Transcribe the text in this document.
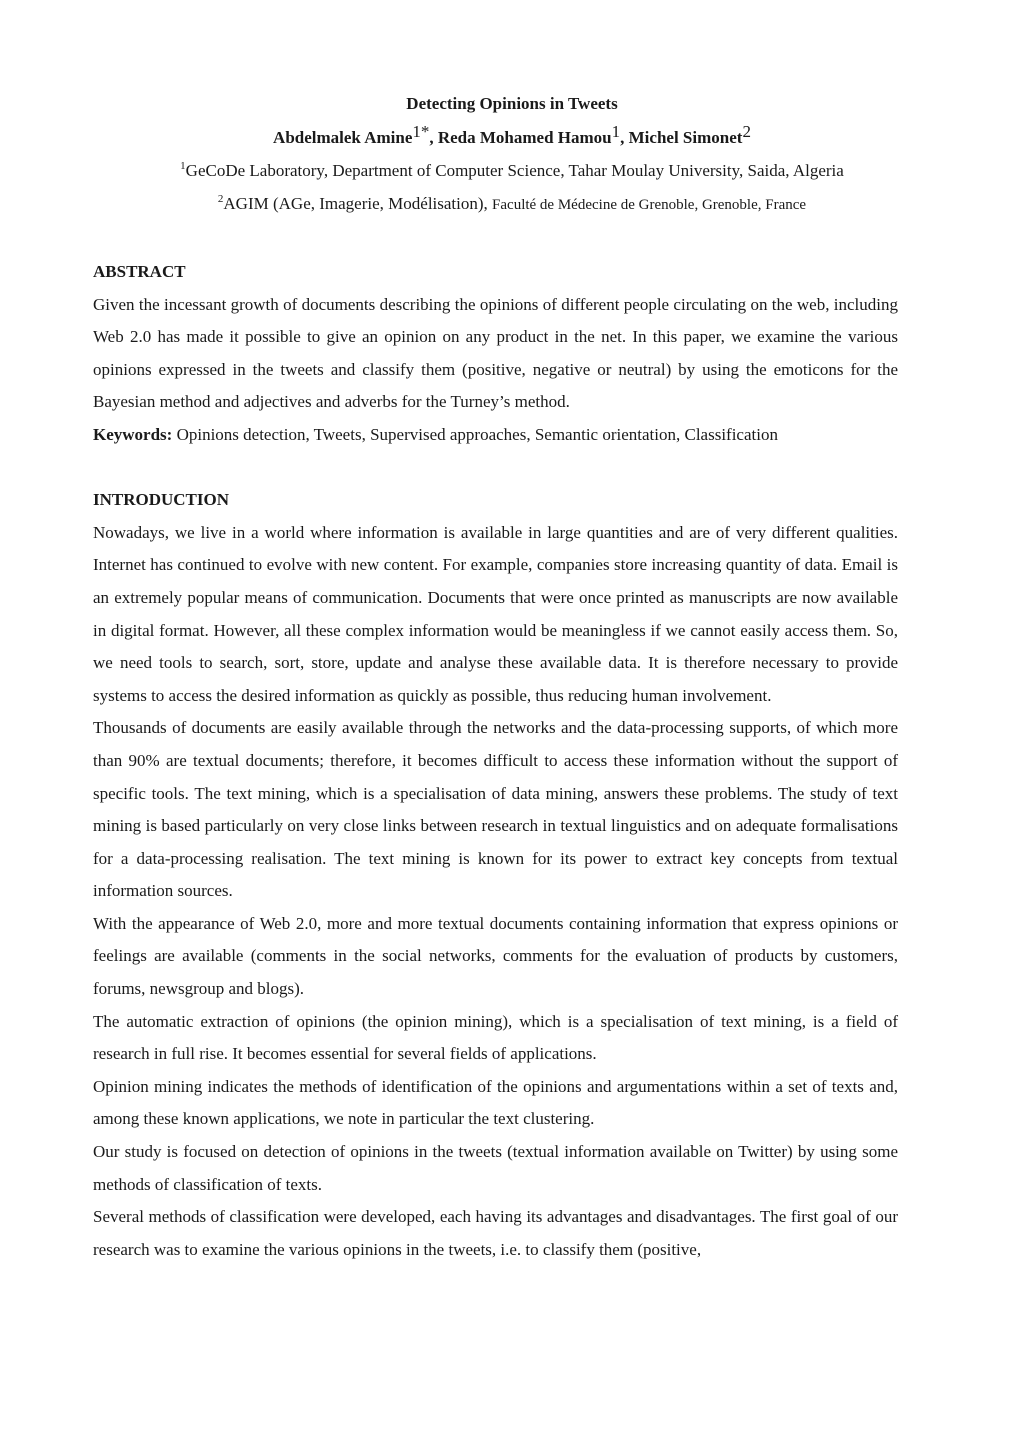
Detecting Opinions in Tweets
Abdelmalek Amine$^{1*}$, Reda Mohamed Hamou$^1$, Michel Simonet$^2$
$^1$GeCoDe Laboratory, Department of Computer Science, Tahar Moulay University, Saida, Algeria
$^2$AGIM (AGe, Imagerie, Modélisation), Faculté de Médecine de Grenoble, Grenoble, France
ABSTRACT

Given the incessant growth of documents describing the opinions of different people circulating on the web, including Web 2.0 has made it possible to give an opinion on any product in the net. In this paper, we examine the various opinions expressed in the tweets and classify them (positive, negative or neutral) by using the emoticons for the Bayesian method and adjectives and adverbs for the Turney’s method.

Keywords: Opinions detection, Tweets, Supervised approaches, Semantic orientation, Classification

INTRODUCTION

Nowadays, we live in a world where information is available in large quantities and are of very different qualities. Internet has continued to evolve with new content. For example, companies store increasing quantity of data. Email is an extremely popular means of communication. Documents that were once printed as manuscripts are now available in digital format. However, all these complex information would be meaningless if we cannot easily access them. So, we need tools to search, sort, store, update and analyse these available data. It is therefore necessary to provide systems to access the desired information as quickly as possible, thus reducing human involvement.

Thousands of documents are easily available through the networks and the data-processing supports, of which more than 90% are textual documents; therefore, it becomes difficult to access these information without the support of specific tools. The text mining, which is a specialisation of data mining, answers these problems. The study of text mining is based particularly on very close links between research in textual linguistics and on adequate formalisations for a data-processing realisation. The text mining is known for its power to extract key concepts from textual information sources.

With the appearance of Web 2.0, more and more textual documents containing information that express opinions or feelings are available (comments in the social networks, comments for the evaluation of products by customers, forums, newsgroup and blogs).

The automatic extraction of opinions (the opinion mining), which is a specialisation of text mining, is a field of research in full rise. It becomes essential for several fields of applications.

Opinion mining indicates the methods of identification of the opinions and argumentations within a set of texts and, among these known applications, we note in particular the text clustering.

Our study is focused on detection of opinions in the tweets (textual information available on Twitter) by using some methods of classification of texts.

Several methods of classification were developed, each having its advantages and disadvantages. The first goal of our research was to examine the various opinions in the tweets, i.e. to classify them (positive,
